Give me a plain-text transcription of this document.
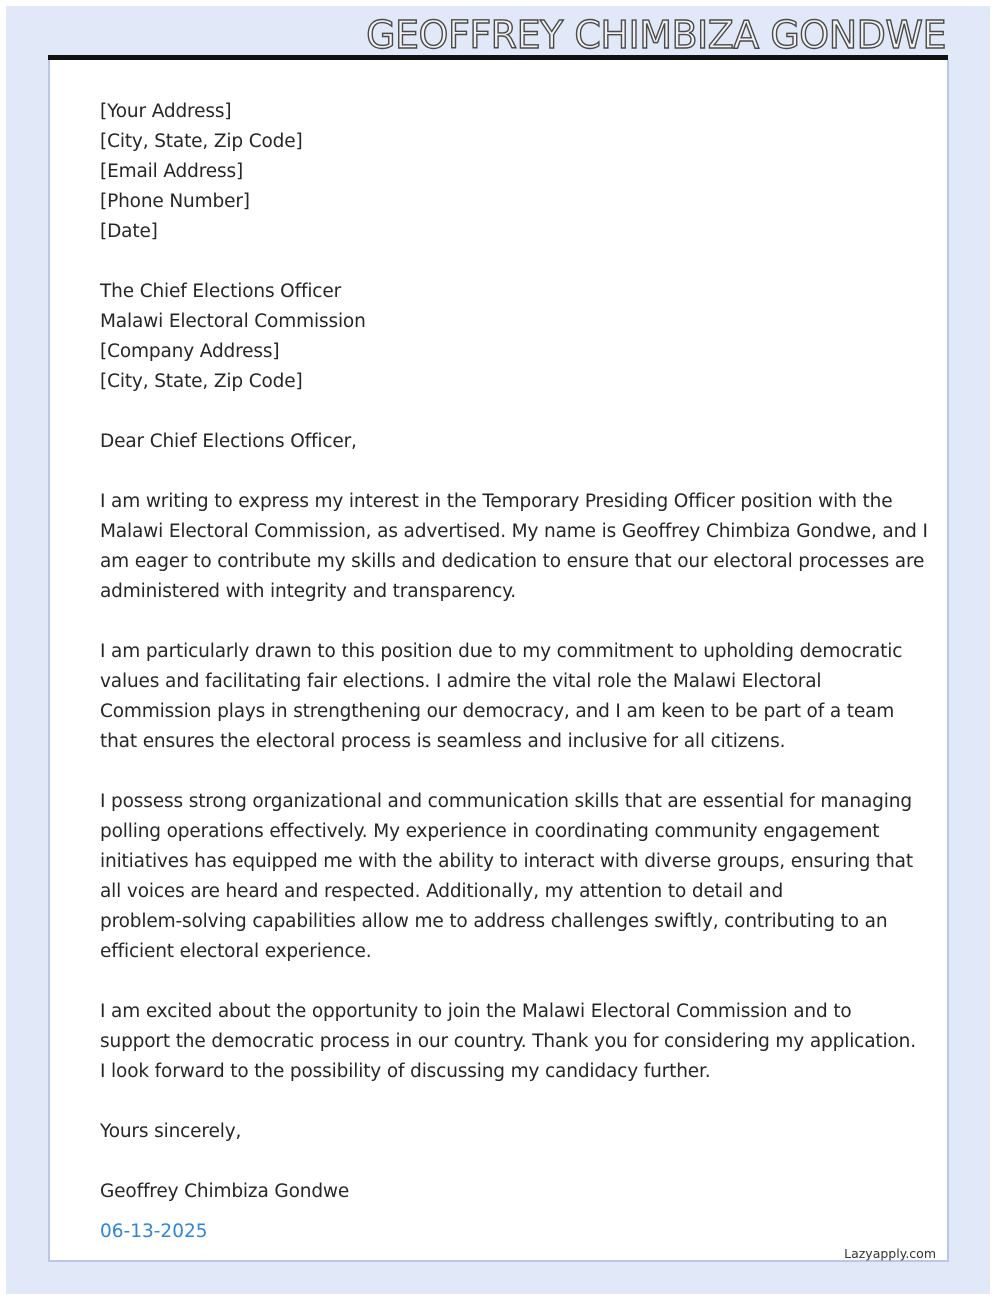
GEOFFREY CHIMBIZA GONDWE
[Your Address]
[City, State, Zip Code]
[Email Address]
[Phone Number]
[Date]
The Chief Elections Officer
Malawi Electoral Commission
[Company Address]
[City, State, Zip Code]
Dear Chief Elections Officer,
I am writing to express my interest in the Temporary Presiding Officer position with the
Malawi Electoral Commission, as advertised. My name is Geoffrey Chimbiza Gondwe, and I
am eager to contribute my skills and dedication to ensure that our electoral processes are
administered with integrity and transparency.
I am particularly drawn to this position due to my commitment to upholding democratic
values and facilitating fair elections. I admire the vital role the Malawi Electoral
Commission plays in strengthening our democracy, and I am keen to be part of a team
that ensures the electoral process is seamless and inclusive for all citizens.
I possess strong organizational and communication skills that are essential for managing
polling operations effectively. My experience in coordinating community engagement
initiatives has equipped me with the ability to interact with diverse groups, ensuring that
all voices are heard and respected. Additionally, my attention to detail and
problem-solving capabilities allow me to address challenges swiftly, contributing to an
efficient electoral experience.
I am excited about the opportunity to join the Malawi Electoral Commission and to
support the democratic process in our country. Thank you for considering my application.
I look forward to the possibility of discussing my candidacy further.
Yours sincerely,
Geoffrey Chimbiza Gondwe
06-13-2025
Lazyapply.com
